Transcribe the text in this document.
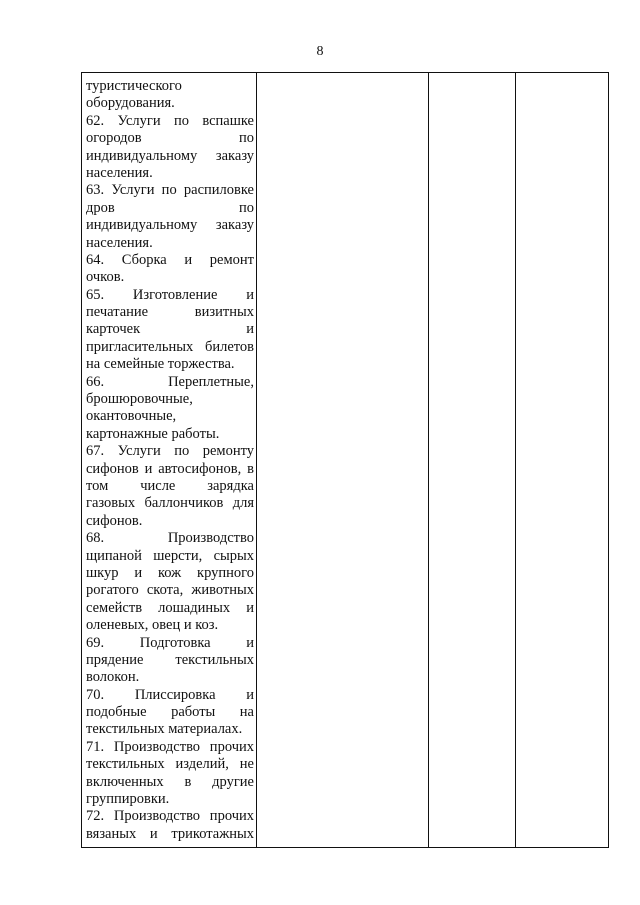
8
туристического
оборудования.
62. Услуги по вспашке
огородов по
индивидуальному заказу
населения.
63. Услуги по распиловке
дров по
индивидуальному заказу
населения.
64. Сборка и ремонт
очков.
65. Изготовление и
печатание визитных
карточек и
пригласительных билетов
на семейные торжества.
66. Переплетные,
брошюровочные,
окантовочные,
картонажные работы.
67. Услуги по ремонту
сифонов и автосифонов, в
том числе зарядка
газовых баллончиков для
сифонов.
68. Производство
щипаной шерсти, сырых
шкур и кож крупного
рогатого скота, животных
семейств лошадиных и
оленевых, овец и коз.
69. Подготовка и
прядение текстильных
волокон.
70. Плиссировка и
подобные работы на
текстильных материалах.
71. Производство прочих
текстильных изделий, не
включенных в другие
группировки.
72. Производство прочих
вязаных и трикотажных
